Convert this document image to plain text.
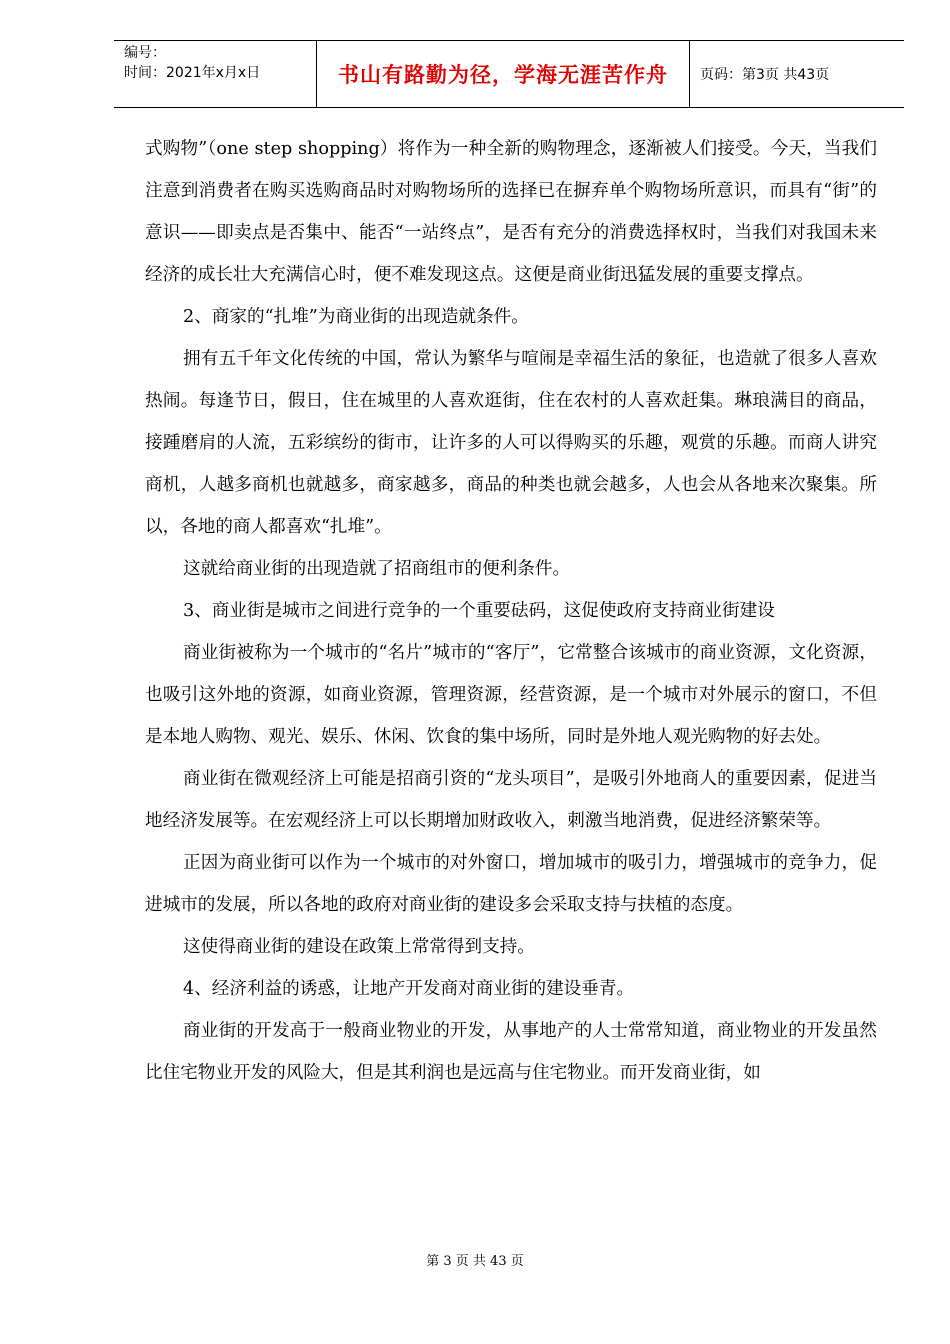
编号：
时间：2021年x月x日	书山有路勤为径，学海无涯苦作舟	页码：第3页 共43页

式购物”（one step shopping）将作为一种全新的购物理念，逐渐被人们接受。今天，当我们注意到消费者在购买选购商品时对购物场所的选择已在摒弃单个购物场所意识，而具有“街”的意识——即卖点是否集中、能否“一站终点”，是否有充分的消费选择权时，当我们对我国未来经济的成长壮大充满信心时，便不难发现这点。这便是商业街迅猛发展的重要支撑点。

2、商家的“扎堆”为商业街的出现造就条件。

拥有五千年文化传统的中国，常认为繁华与喧闹是幸福生活的象征，也造就了很多人喜欢热闹。每逢节日，假日，住在城里的人喜欢逛街，住在农村的人喜欢赶集。琳琅满目的商品，接踵磨肩的人流，五彩缤纷的街市，让许多的人可以得购买的乐趣，观赏的乐趣。而商人讲究商机，人越多商机也就越多，商家越多，商品的种类也就会越多，人也会从各地来次聚集。所以，各地的商人都喜欢“扎堆”。

这就给商业街的出现造就了招商组市的便利条件。

3、商业街是城市之间进行竞争的一个重要砝码，这促使政府支持商业街建设

商业街被称为一个城市的“名片”城市的“客厅”，它常整合该城市的商业资源，文化资源，也吸引这外地的资源，如商业资源，管理资源，经营资源，是一个城市对外展示的窗口，不但是本地人购物、观光、娱乐、休闲、饮食的集中场所，同时是外地人观光购物的好去处。

商业街在微观经济上可能是招商引资的“龙头项目”，是吸引外地商人的重要因素，促进当地经济发展等。在宏观经济上可以长期增加财政收入，刺激当地消费，促进经济繁荣等。

正因为商业街可以作为一个城市的对外窗口，增加城市的吸引力，增强城市的竞争力，促进城市的发展，所以各地的政府对商业街的建设多会采取支持与扶植的态度。

这使得商业街的建设在政策上常常得到支持。

4、经济利益的诱惑，让地产开发商对商业街的建设垂青。

商业街的开发高于一般商业物业的开发，从事地产的人士常常知道，商业物业的开发虽然比住宅物业开发的风险大，但是其利润也是远高与住宅物业。而开发商业街，如

第 3 页 共 43 页
